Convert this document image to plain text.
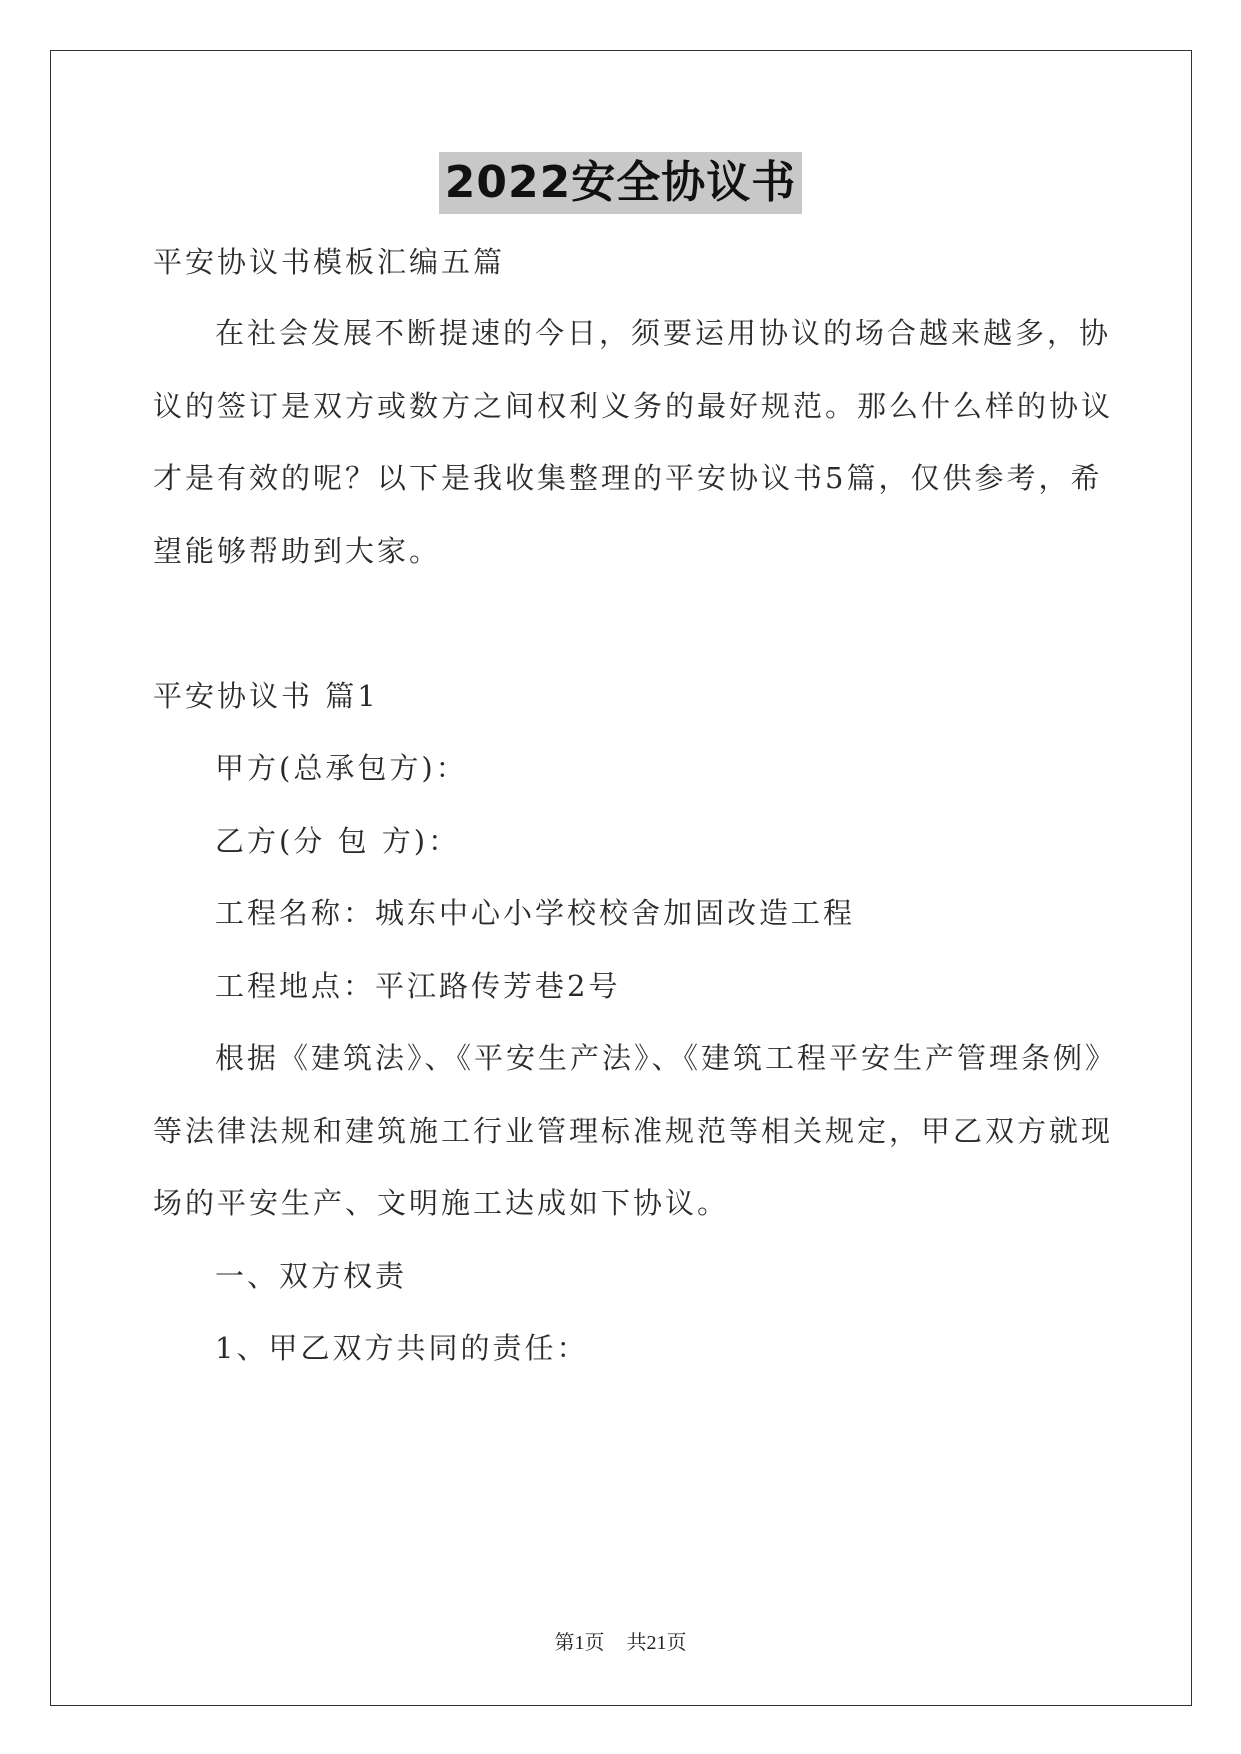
2022安全协议书
平安协议书模板汇编五篇
在社会发展不断提速的今日，须要运用协议的场合越来越多，协
议的签订是双方或数方之间权利义务的最好规范。那么什么样的协议
才是有效的呢？以下是我收集整理的平安协议书5篇，仅供参考，希
望能够帮助到大家。
平安协议书 篇1
甲方(总承包方)：
乙方(分 包 方)：
工程名称：城东中心小学校校舍加固改造工程
工程地点：平江路传芳巷2号
根据《建筑法》、《平安生产法》、《建筑工程平安生产管理条例》
等法律法规和建筑施工行业管理标准规范等相关规定，甲乙双方就现
场的平安生产、文明施工达成如下协议。
一、双方权责
1、甲乙双方共同的责任：
第1页 共21页
